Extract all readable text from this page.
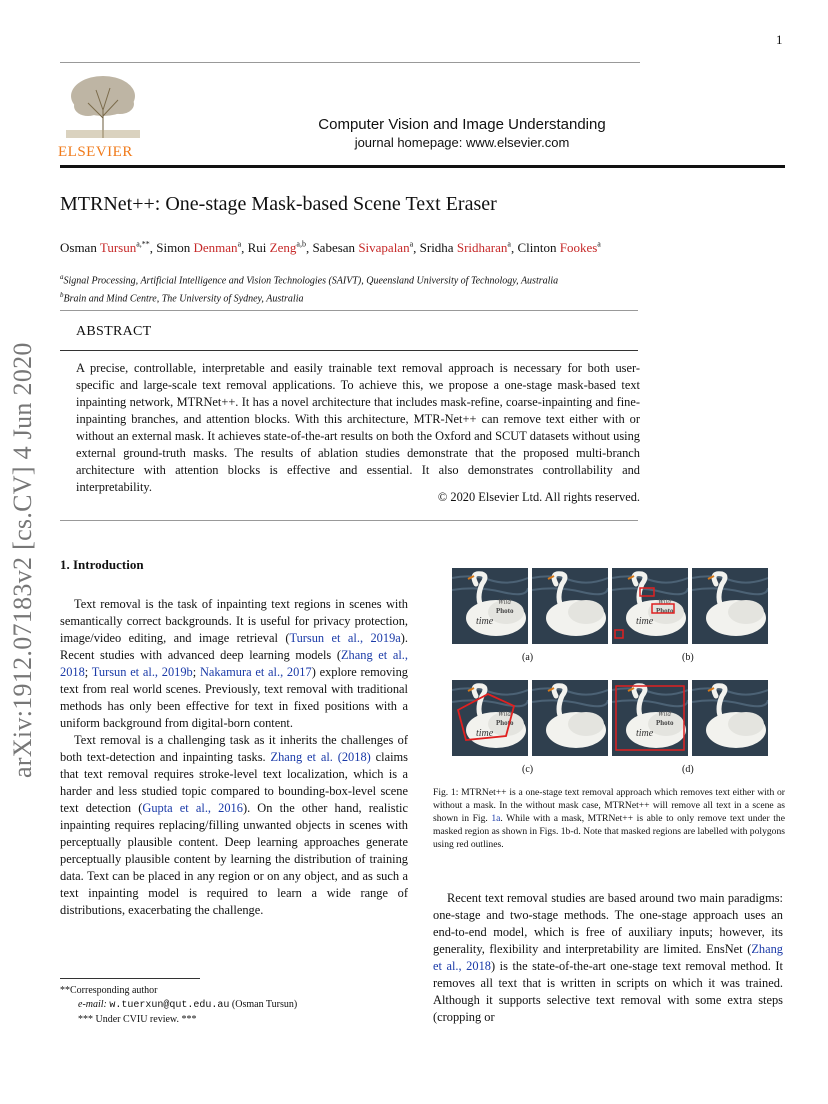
1
ELSEVIER
Computer Vision and Image Understanding
journal homepage: www.elsevier.com
arXiv:1912.07183v2 [cs.CV] 4 Jun 2020
MTRNet++: One-stage Mask-based Scene Text Eraser
Osman Tursun$^{a,**}$, Simon Denman$^a$, Rui Zeng$^{a,b}$, Sabesan Sivapalan$^a$, Sridha Sridharan$^a$, Clinton Fookes$^a$
$^a$Signal Processing, Artificial Intelligence and Vision Technologies (SAIVT), Queensland University of Technology, Australia
$^b$Brain and Mind Centre, The University of Sydney, Australia
ABSTRACT
A precise, controllable, interpretable and easily trainable text removal approach is necessary for both user-specific and large-scale text removal applications. To achieve this, we propose a one-stage mask-based text inpainting network, MTRNet++. It has a novel architecture that includes mask-refine, coarse-inpainting and fine-inpainting branches, and attention blocks. With this architecture, MTR-Net++ can remove text either with or without an external mask. It achieves state-of-the-art results on both the Oxford and SCUT datasets without using external ground-truth masks. The results of ablation studies demonstrate that the proposed multi-branch architecture with attention blocks is effective and essential. It also demonstrates controllability and interpretability.
© 2020 Elsevier Ltd. All rights reserved.
1. Introduction

Text removal is the task of inpainting text regions in scenes with semantically correct backgrounds. It is useful for privacy protection, image/video editing, and image retrieval (Tursun et al., 2019a). Recent studies with advanced deep learning models (Zhang et al., 2018; Tursun et al., 2019b; Nakamura et al., 2017) explore removing text from real world scenes. Previously, text removal with traditional methods has only been effective for text in fixed positions with a uniform background from digital-born content.

Text removal is a challenging task as it inherits the challenges of both text-detection and inpainting tasks. Zhang et al. (2018) claims that text removal requires stroke-level text localization, which is a harder and less studied topic compared to bounding-box-level scene text detection (Gupta et al., 2016). On the other hand, realistic inpainting requires replacing/filling unwanted objects in scenes with perceptually plausible content. Deep learning approaches generate perceptually plausible content by learning the distribution of training data. Text can be placed in any region or on any object, and as such a text inpainting model is required to learn a wide range of distributions, exacerbating the challenge.

Wild
Photo
time
Wild
Photo
time
Wild
Photo
time
Wild
Photo
time
(a)	(b)
(c)	(d)
Fig. 1: MTRNet++ is a one-stage text removal approach which removes text either with or without a mask. In the without mask case, MTRNet++ will remove all text in a scene as shown in Fig. 1a. While with a mask, MTRNet++ is able to only remove text under the masked region as shown in Figs. 1b-d. Note that masked regions are labelled with polygons using red outlines.

Recent text removal studies are based around two main paradigms: one-stage and two-stage methods. The one-stage approach uses an end-to-end model, which is free of auxiliary inputs; however, its generality, flexibility and interpretability are limited. EnsNet (Zhang et al., 2018) is the state-of-the-art one-stage text removal method. It removes all text that is written in scripts on which it was trained. Although it supports selective text removal with some extra steps (cropping or

**Corresponding author
e-mail: w.tuerxun@qut.edu.au (Osman Tursun)
*** Under CVIU review. ***
